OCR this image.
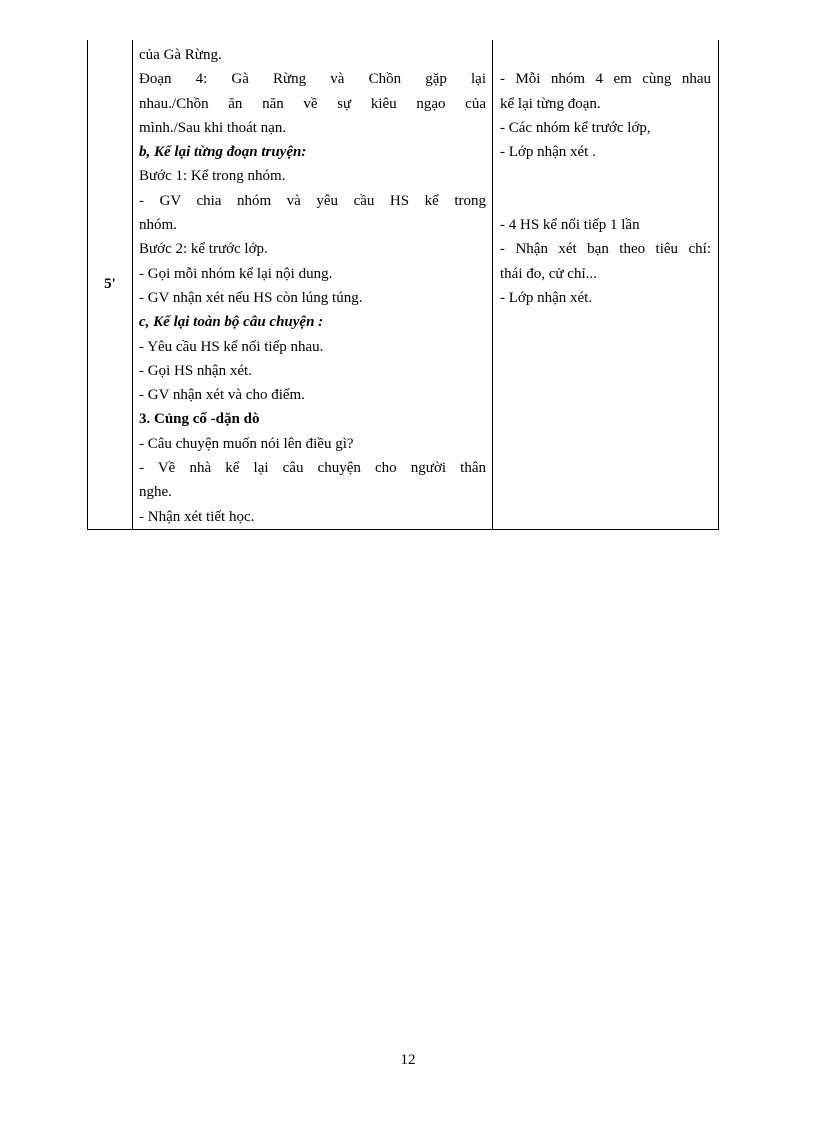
5'	
của Gà Rừng.
Đoạn 4: Gà Rừng và Chồn gặp lại
nhau./Chồn ăn năn về sự kiêu ngạo của
mình./Sau khi thoát nạn.
b, Kể lại từng đoạn truyện:
Bước 1: Kể trong nhóm.
- GV chia nhóm và yêu cầu HS kể trong
nhóm.
Bước 2: kể trước lớp.
- Gọi mỗi nhóm kể lại nội dung.
- GV nhận xét nếu HS còn lúng túng.
c, Kể lại toàn bộ câu chuyện :
- Yêu cầu HS kể nối tiếp nhau.
- Gọi HS nhận xét.
- GV nhận xét và cho điểm.
3. Củng cố -dặn dò
- Câu chuyện muốn nói lên điều gì?
- Về nhà kể lại câu chuyện cho người thân
nghe.
- Nhận xét tiết học.

- Mỗi nhóm 4 em cùng nhau
kể lại từng đoạn.
- Các nhóm kể trước lớp,
- Lớp nhận xét .
- 4 HS kể nối tiếp 1 lần
- Nhận xét bạn theo tiêu chí:
thái đo, cử chỉ...
- Lớp nhận xét.
12
